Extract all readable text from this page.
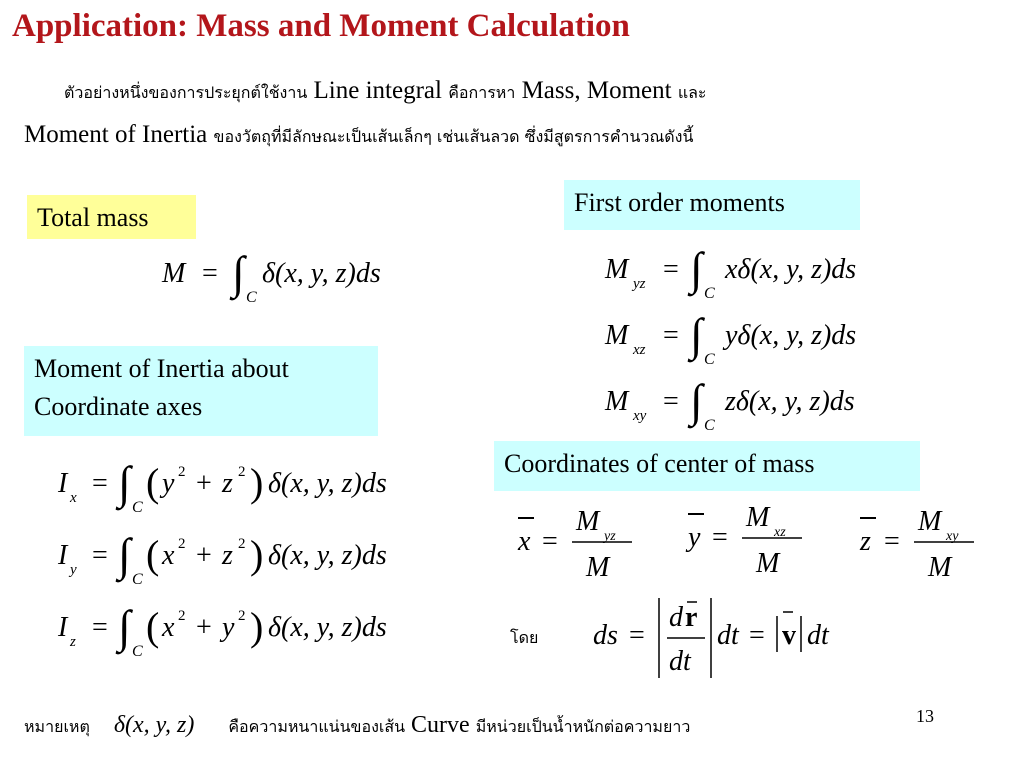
Application: Mass and Moment Calculation
ตัวอย่างหนึ่งของการประยุกต์ใช้งาน Line integral คือการหา Mass, Moment และ
Moment of Inertia ของวัตถุที่มีลักษณะเป็นเส้นเล็กๆ เช่นเส้นลวด ซึ่งมีสูตรการคำนวณดังนี้
Total mass
First order moments
Moment of Inertia about
Coordinate axes
Coordinates of center of mass
M = ∫ C
δ(x, y, z)ds	M yz = ∫ C
xδ(x, y, z)ds
M xz = ∫ C
yδ(x, y, z)ds
M xy = ∫ C
zδ(x, y, z)ds
I x = ∫ C
( y 2 + z 2 ) δ(x, y, z)ds
I y = ∫ C
( x 2 + z 2 ) δ(x, y, z)ds
I z = ∫ C
( x 2 + y 2 ) δ(x, y, z)ds
x =
M yz
M
y =
M xz
M
z =
M xy
M
โดย ds =
d r
dt
dt = v dt
13
หมายเหตุ δ(x, y, z) คือความหนาแน่นของเส้น Curve มีหน่วยเป็นน้ำหนักต่อความยาว
